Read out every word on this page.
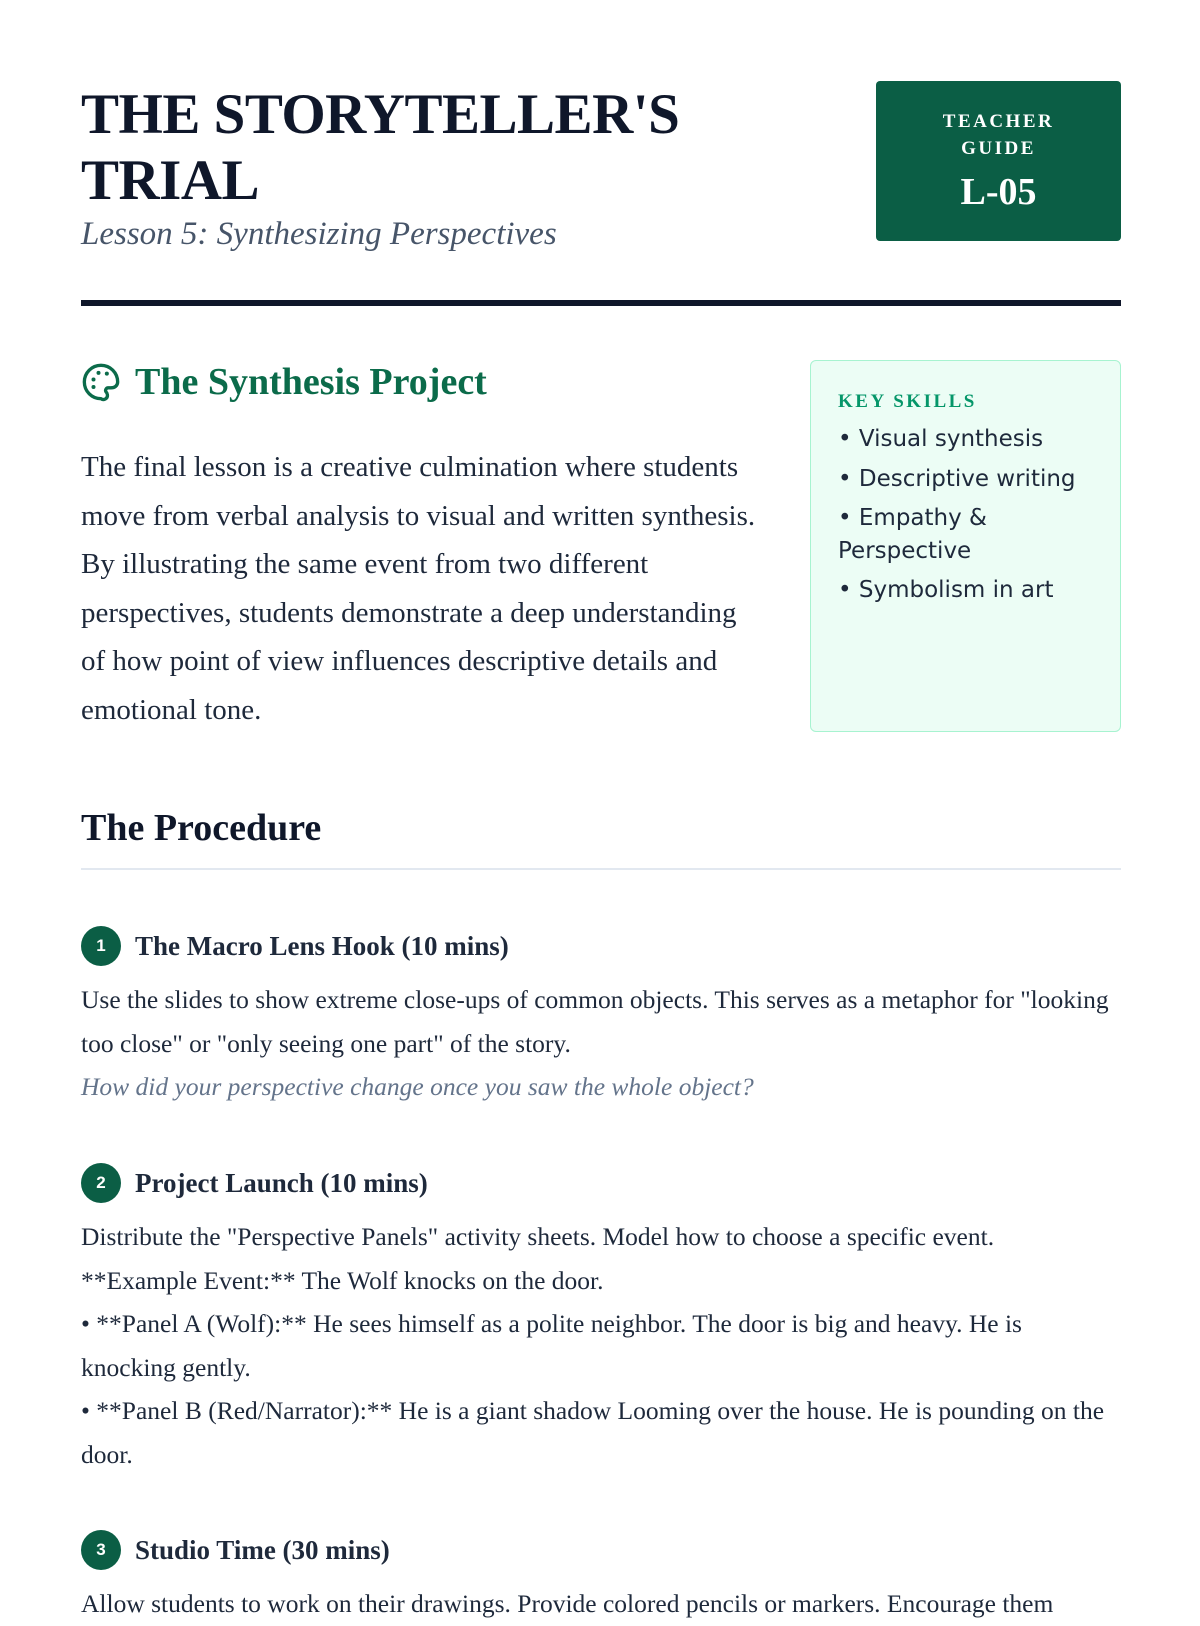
THE STORYTELLER'S TRIAL

Lesson 5: Synthesizing Perspectives

TEACHER GUIDE
L-05
The Synthesis Project

The final lesson is a creative culmination where students move from verbal analysis to visual and written synthesis. By illustrating the same event from two different perspectives, students demonstrate a deep understanding of how point of view influences descriptive details and emotional tone.

KEY SKILLS
• Visual synthesis
• Descriptive writing
• Empathy & Perspective
• Symbolism in art
The Procedure
1	The Macro Lens Hook (10 mins)

Use the slides to show extreme close-ups of common objects. This serves as a metaphor for "looking too close" or "only seeing one part" of the story.

How did your perspective change once you saw the whole object?

2	Project Launch (10 mins)

Distribute the "Perspective Panels" activity sheets. Model how to choose a specific event.

**Example Event:** The Wolf knocks on the door.

• **Panel A (Wolf):** He sees himself as a polite neighbor. The door is big and heavy. He is knocking gently.

• **Panel B (Red/Narrator):** He is a giant shadow Looming over the house. He is pounding on the door.

3	Studio Time (30 mins)

Allow students to work on their drawings. Provide colored pencils or markers. Encourage them
